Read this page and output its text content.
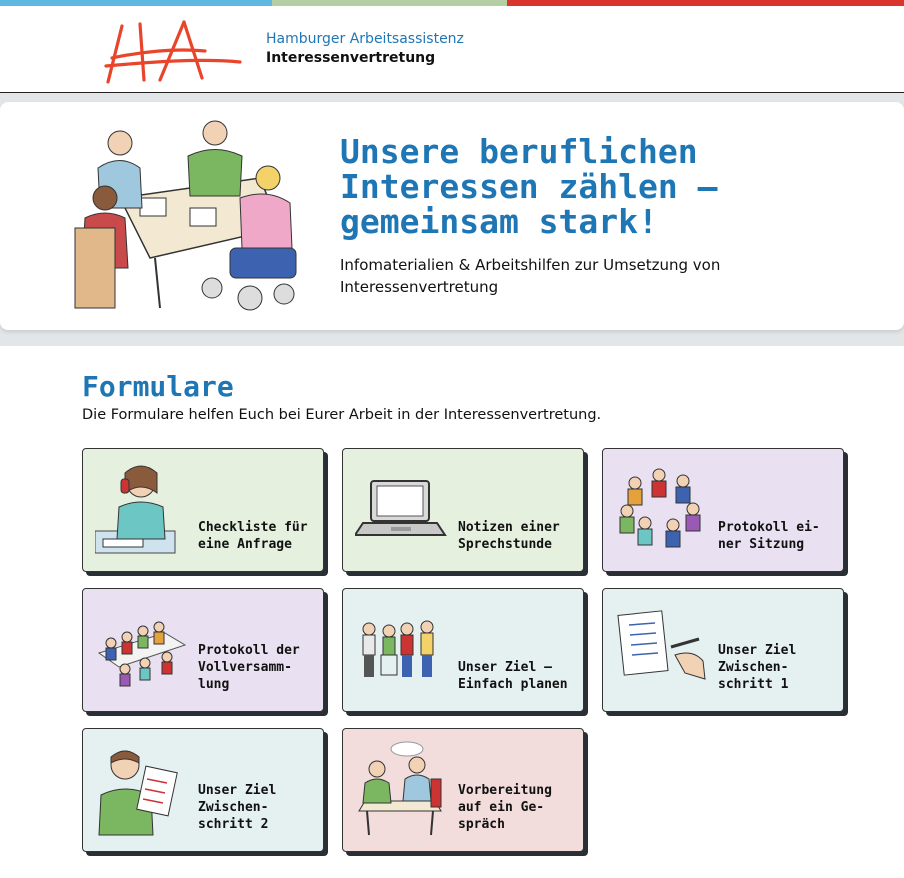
Hamburger Arbeitsassistenz
Interessenvertretung
Unsere beruflichen Interessen zählen – gemeinsam stark!
Infomaterialien & Arbeitshilfen zur Umsetzung von Interessenvertretung
Formulare
Die Formulare helfen Euch bei Eurer Arbeit in der Interessenvertretung.
Checkliste für
eine Anfrage
Notizen einer
Sprechstunde
Protokoll ei-
ner Sitzung
Protokoll der
Vollversamm-
lung
Unser Ziel –
Einfach planen
Unser Ziel
Zwischen-
schritt 1
Unser Ziel
Zwischen-
schritt 2
Vorbereitung
auf ein Ge-
spräch
